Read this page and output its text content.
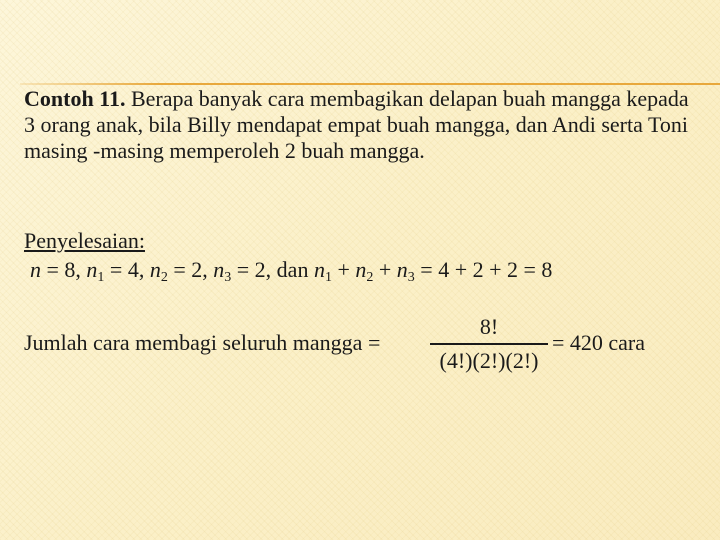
Contoh 11. Berapa banyak cara membagikan delapan buah mangga kepada 3 orang anak, bila Billy mendapat empat buah mangga, dan Andi serta Toni masing -masing memperoleh 2 buah mangga.

Penyelesaian:
n = 8, $n_1 = 4$, $n_2 = 2$, $n_3 = 2$, dan $n_1 + n_2 + n_3 = 4 + 2 + 2 = 8$
Jumlah cara membagi seluruh mangga =
8!
(4!)(2!)(2!)
= 420 cara
